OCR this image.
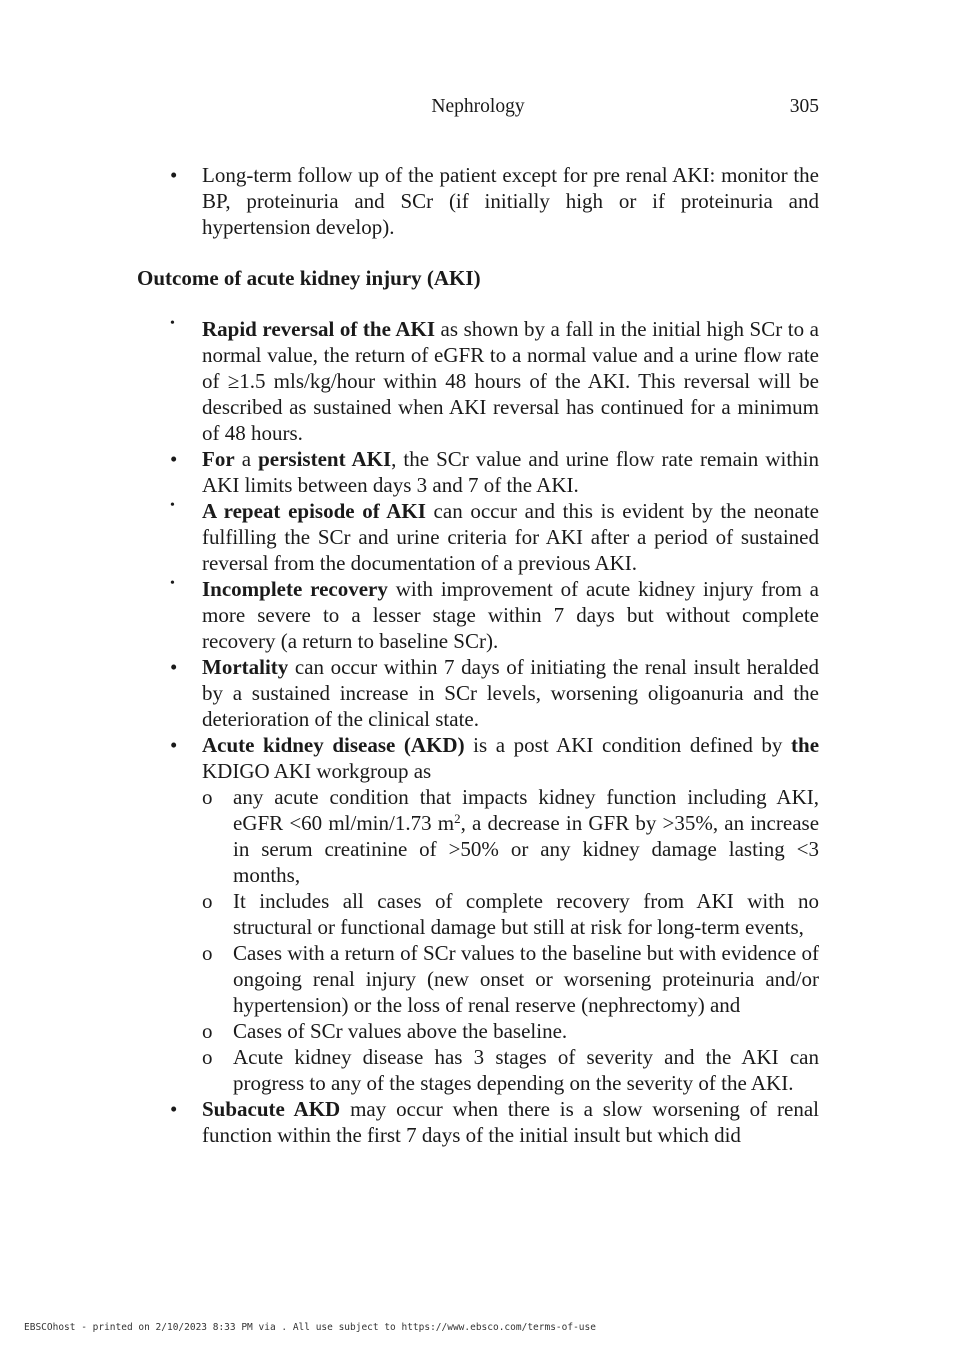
Nephrology	305
• Long-term follow up of the patient except for pre renal AKI: monitor the BP, proteinuria and SCr (if initially high or if proteinuria and hypertension develop).

Outcome of acute kidney injury (AKI)

• Rapid reversal of the AKI as shown by a fall in the initial high SCr to a normal value, the return of eGFR to a normal value and a urine flow rate of ≥1.5 mls/kg/hour within 48 hours of the AKI. This reversal will be described as sustained when AKI reversal has continued for a minimum of 48 hours.
• For a persistent AKI, the SCr value and urine flow rate remain within AKI limits between days 3 and 7 of the AKI.
• A repeat episode of AKI can occur and this is evident by the neonate fulfilling the SCr and urine criteria for AKI after a period of sustained reversal from the documentation of a previous AKI.
• Incomplete recovery with improvement of acute kidney injury from a more severe to a lesser stage within 7 days but without complete recovery (a return to baseline SCr).
• Mortality can occur within 7 days of initiating the renal insult heralded by a sustained increase in SCr levels, worsening oligoanuria and the deterioration of the clinical state.
• Acute kidney disease (AKD) is a post AKI condition defined by the KDIGO AKI workgroup as
o any acute condition that impacts kidney function including AKI, eGFR <60 ml/min/1.73 $m^2$, a decrease in GFR by >35%, an increase in serum creatinine of >50% or any kidney damage lasting <3 months,
o It includes all cases of complete recovery from AKI with no structural or functional damage but still at risk for long-term events,
o Cases with a return of SCr values to the baseline but with evidence of ongoing renal injury (new onset or worsening proteinuria and/or hypertension) or the loss of renal reserve (nephrectomy) and
o Cases of SCr values above the baseline.
o Acute kidney disease has 3 stages of severity and the AKI can progress to any of the stages depending on the severity of the AKI.
• Subacute AKD may occur when there is a slow worsening of renal function within the first 7 days of the initial insult but which did
EBSCOhost - printed on 2/10/2023 8:33 PM via . All use subject to https://www.ebsco.com/terms-of-use
